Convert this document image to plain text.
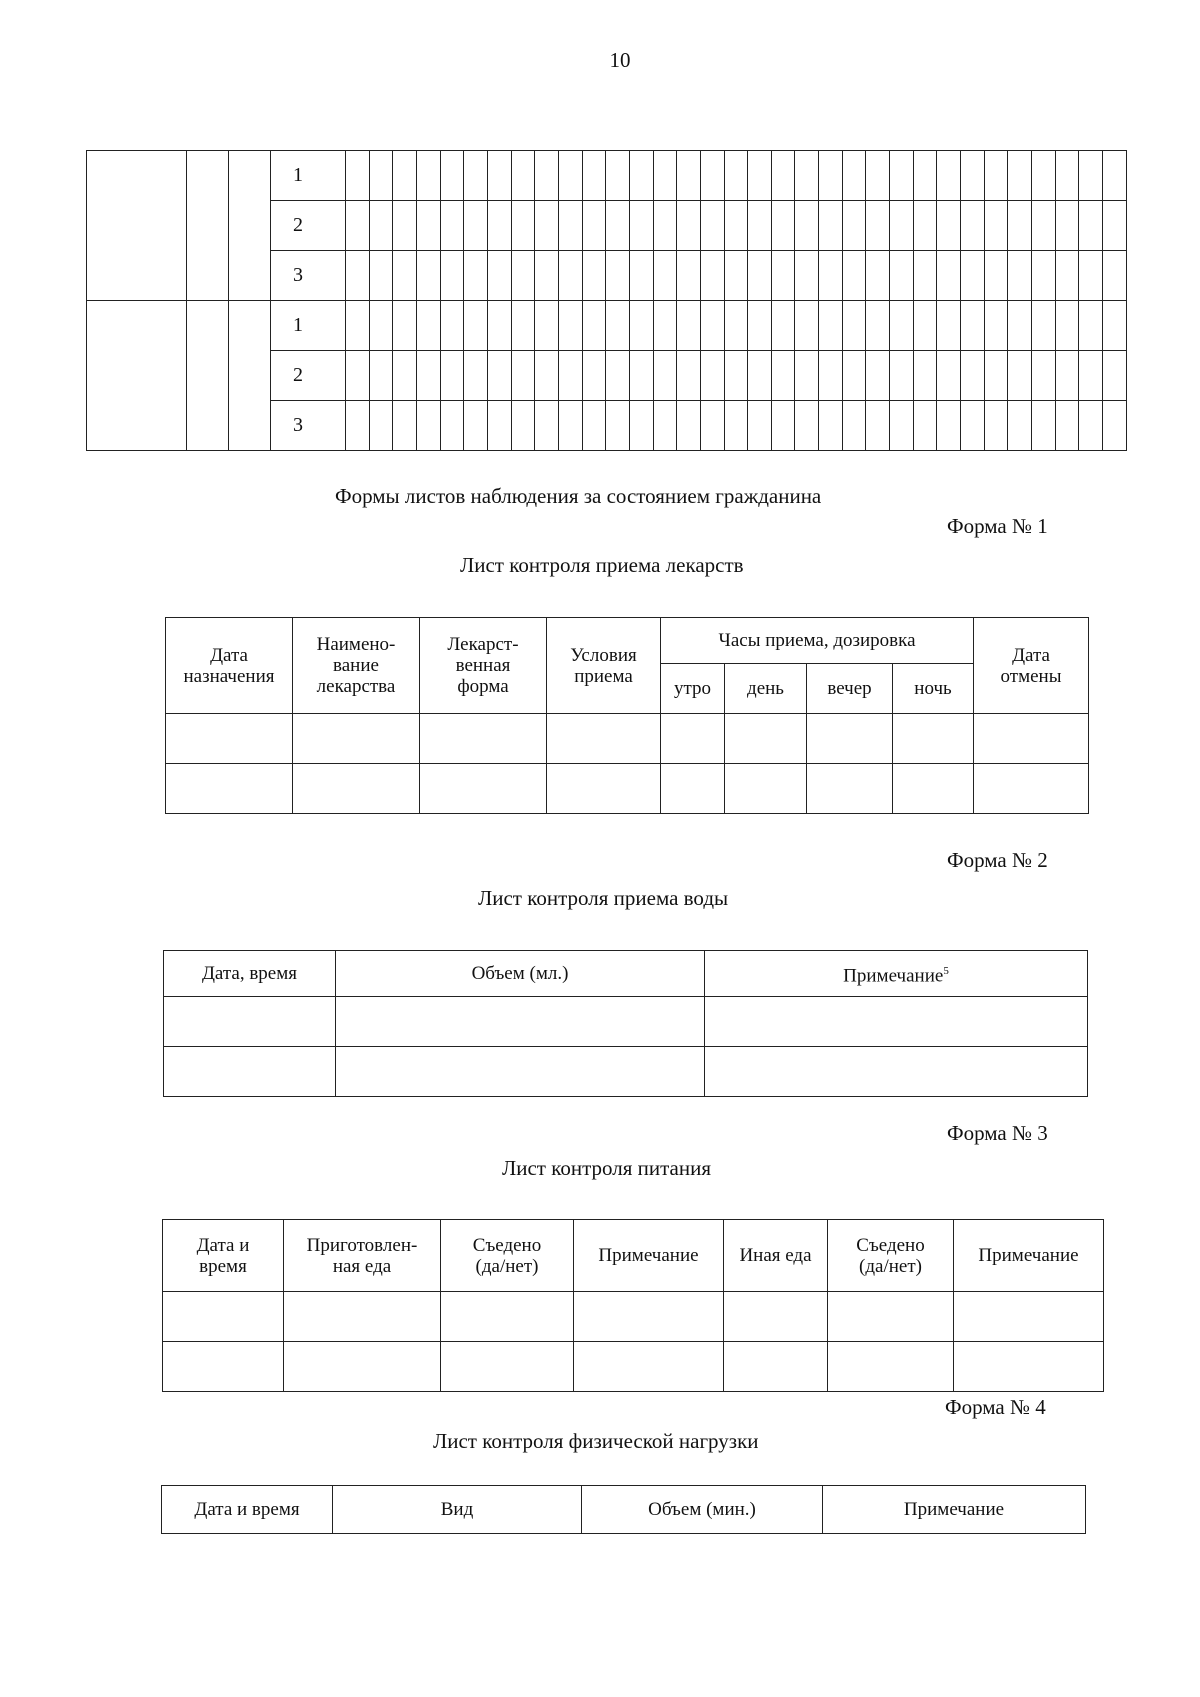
10
			1																																	
			2																																	
			3																																	
			1																																	
			2																																	
			3																																	
Формы листов наблюдения за состоянием гражданина
Форма № 1
Лист контроля приема лекарств
Дата назначения	Наимено-вание лекарства	Лекарст-венная форма	Условия приема	Часы приема, дозировка				Дата отмены
				утро	день	вечер	ночь	

Форма № 2
Лист контроля приема воды
Дата, время	Объем (мл.)	Примечание$^5$

Форма № 3
Лист контроля питания
Дата и время	Приготовлен-ная еда	Съедено (да/нет)	Примечание	Иная еда	Съедено (да/нет)	Примечание

Форма № 4
Лист контроля физической нагрузки
Дата и время	Вид	Объем (мин.)	Примечание
